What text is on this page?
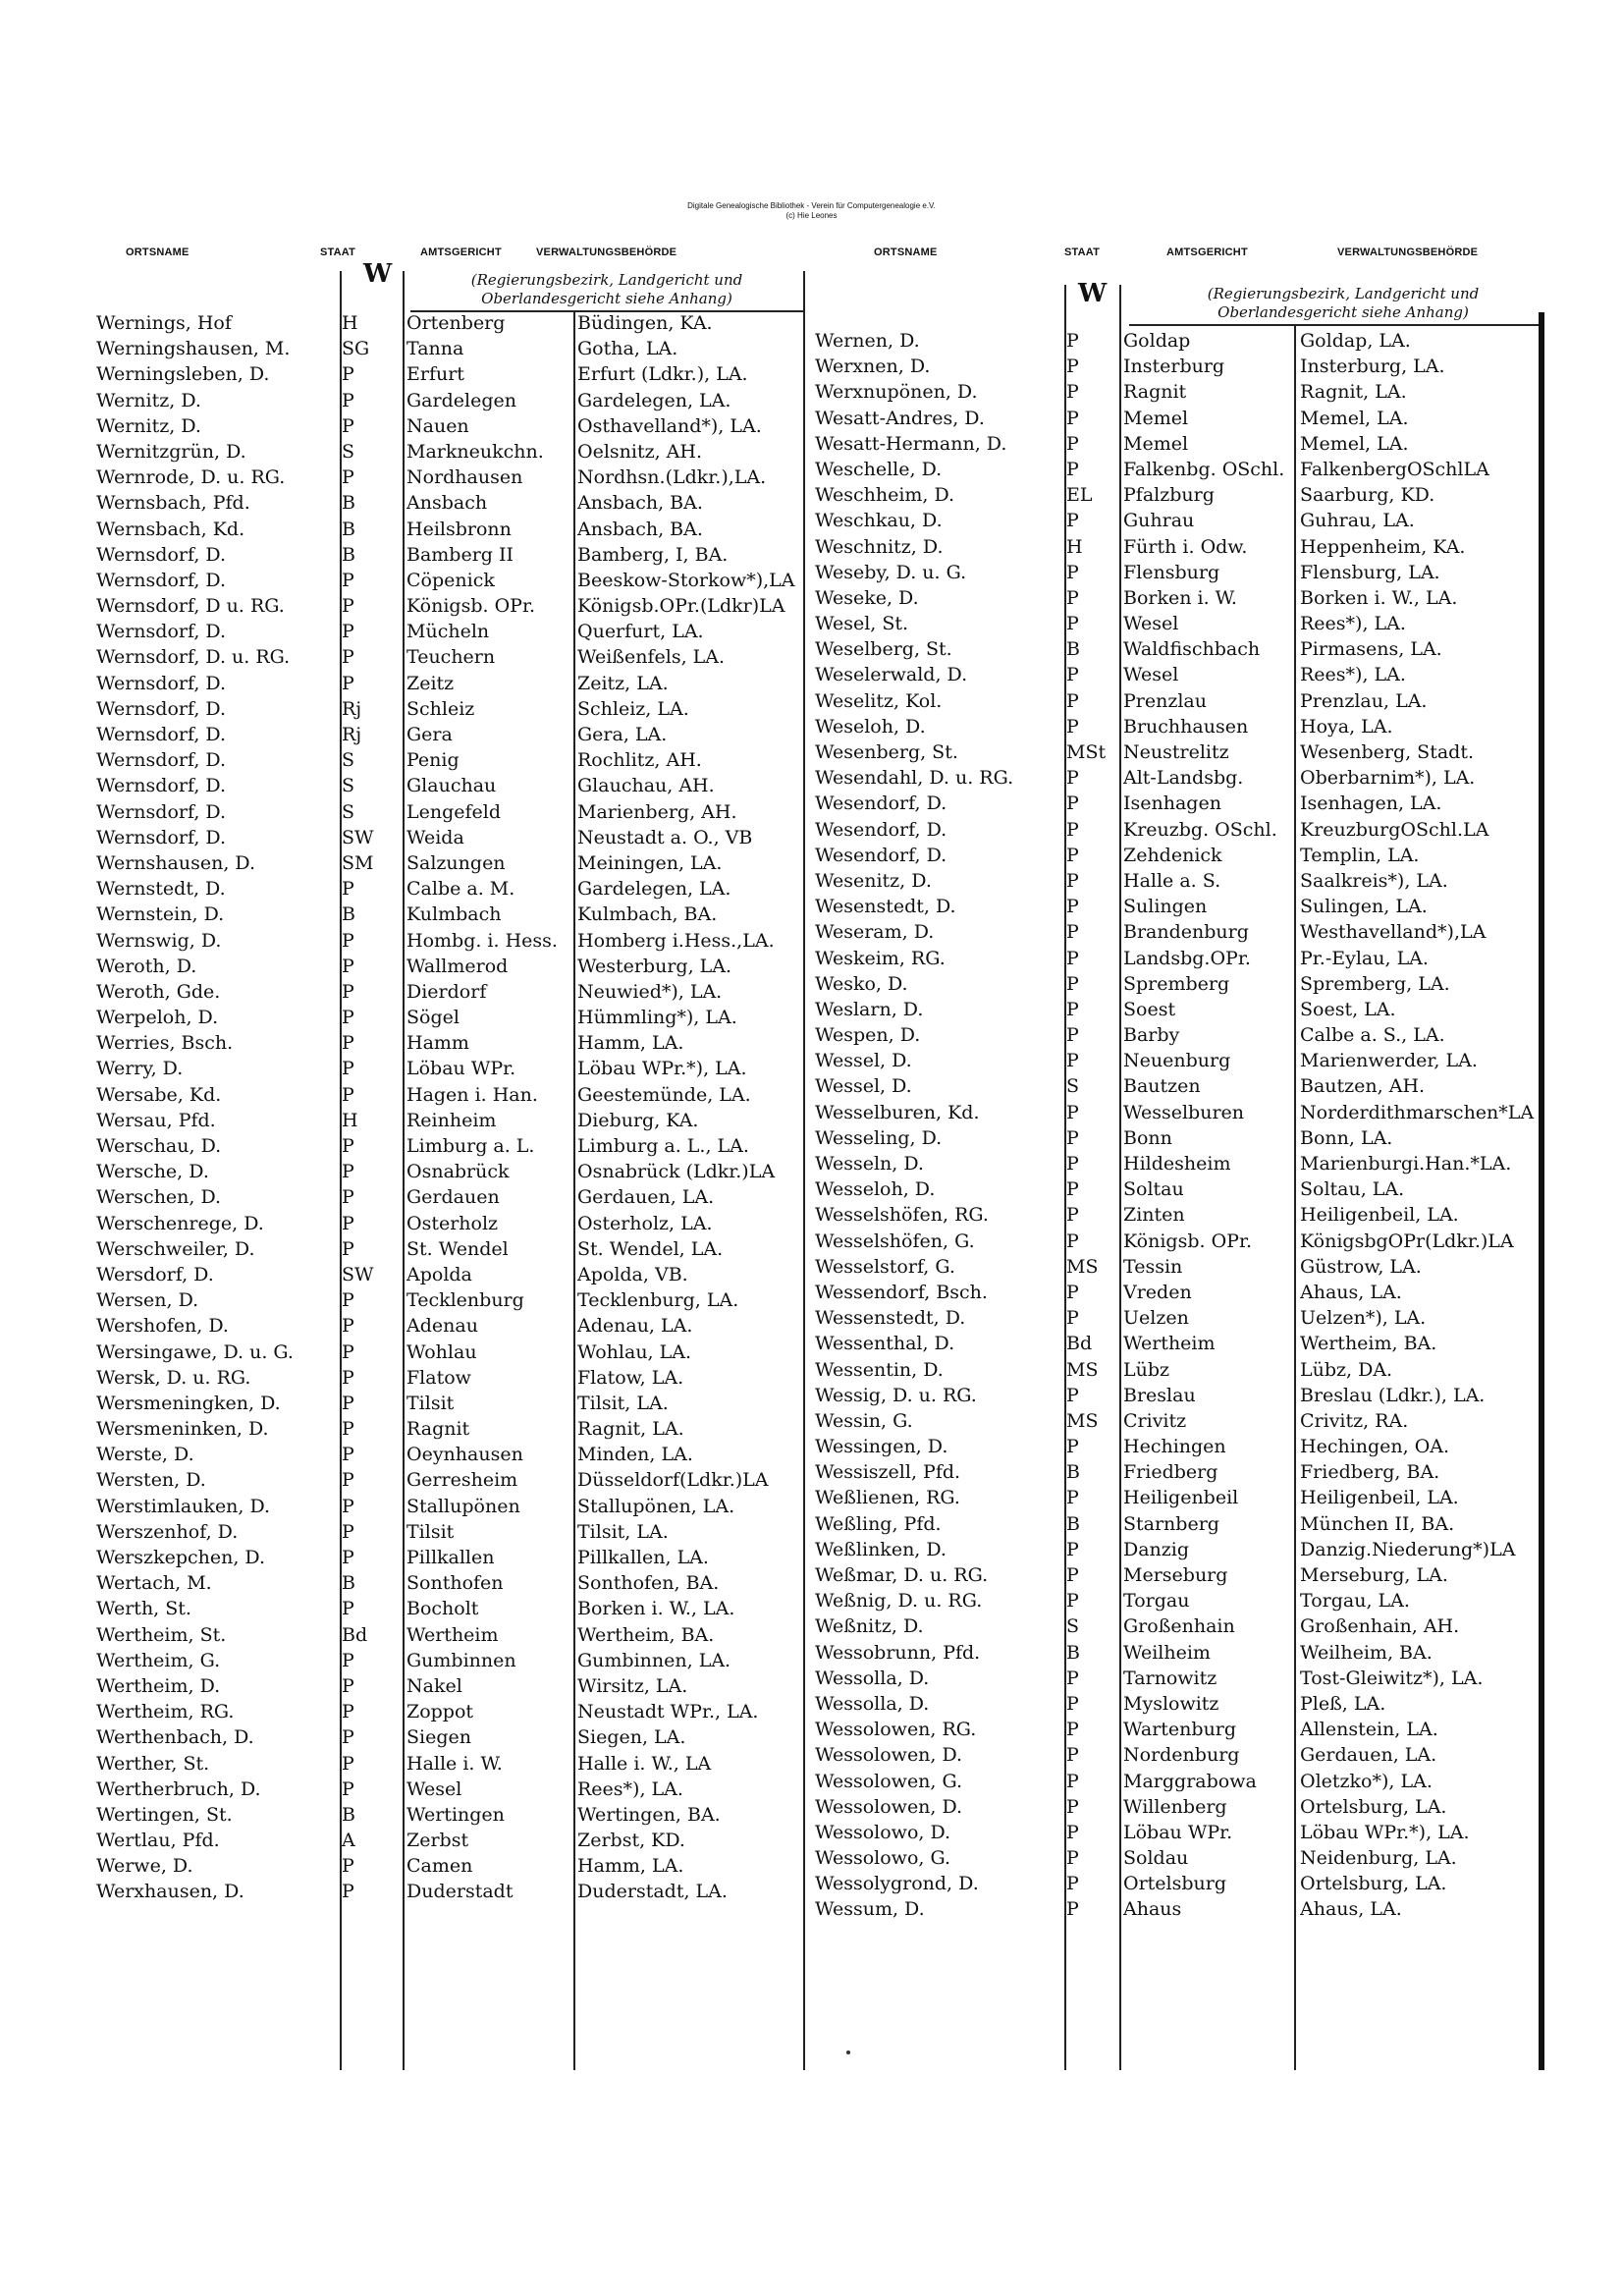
Digitale Genealogische Bibliothek - Verein für Computergenealogie e.V.
(c) Hie Leones
ORTSNAME	STAAT	AMTSGERICHT	VERWALTUNGSBEHÖRDE	ORTSNAME	STAAT	AMTSGERICHT	VERWALTUNGSBEHÖRDE
W
W
(Regierungsbezirk, Landgericht und
Oberlandesgericht siehe Anhang)	(Regierungsbezirk, Landgericht und
Oberlandesgericht siehe Anhang)
Wernings, Hof	H	Ortenberg	Büdingen, KA.
Werningshausen, M.	SG	Tanna	Gotha, LA.
Werningsleben, D.	P	Erfurt	Erfurt (Ldkr.), LA.
Wernitz, D.	P	Gardelegen	Gardelegen, LA.
Wernitz, D.	P	Nauen	Osthavelland*), LA.
Wernitzgrün, D.	S	Markneukchn.	Oelsnitz, AH.
Wernrode, D. u. RG.	P	Nordhausen	Nordhsn.(Ldkr.),LA.
Wernsbach, Pfd.	B	Ansbach	Ansbach, BA.
Wernsbach, Kd.	B	Heilsbronn	Ansbach, BA.
Wernsdorf, D.	B	Bamberg II	Bamberg, I, BA.
Wernsdorf, D.	P	Cöpenick	Beeskow-Storkow*),LA
Wernsdorf, D u. RG.	P	Königsb. OPr.	Königsb.OPr.(Ldkr)LA
Wernsdorf, D.	P	Mücheln	Querfurt, LA.
Wernsdorf, D. u. RG.	P	Teuchern	Weißenfels, LA.
Wernsdorf, D.	P	Zeitz	Zeitz, LA.
Wernsdorf, D.	Rj	Schleiz	Schleiz, LA.
Wernsdorf, D.	Rj	Gera	Gera, LA.
Wernsdorf, D.	S	Penig	Rochlitz, AH.
Wernsdorf, D.	S	Glauchau	Glauchau, AH.
Wernsdorf, D.	S	Lengefeld	Marienberg, AH.
Wernsdorf, D.	SW	Weida	Neustadt a. O., VB
Wernshausen, D.	SM	Salzungen	Meiningen, LA.
Wernstedt, D.	P	Calbe a. M.	Gardelegen, LA.
Wernstein, D.	B	Kulmbach	Kulmbach, BA.
Wernswig, D.	P	Hombg. i. Hess.	Homberg i.Hess.,LA.
Weroth, D.	P	Wallmerod	Westerburg, LA.
Weroth, Gde.	P	Dierdorf	Neuwied*), LA.
Werpeloh, D.	P	Sögel	Hümmling*), LA.
Werries, Bsch.	P	Hamm	Hamm, LA.
Werry, D.	P	Löbau WPr.	Löbau WPr.*), LA.
Wersabe, Kd.	P	Hagen i. Han.	Geestemünde, LA.
Wersau, Pfd.	H	Reinheim	Dieburg, KA.
Werschau, D.	P	Limburg a. L.	Limburg a. L., LA.
Wersche, D.	P	Osnabrück	Osnabrück (Ldkr.)LA
Werschen, D.	P	Gerdauen	Gerdauen, LA.
Werschenrege, D.	P	Osterholz	Osterholz, LA.
Werschweiler, D.	P	St. Wendel	St. Wendel, LA.
Wersdorf, D.	SW	Apolda	Apolda, VB.
Wersen, D.	P	Tecklenburg	Tecklenburg, LA.
Wershofen, D.	P	Adenau	Adenau, LA.
Wersingawe, D. u. G.	P	Wohlau	Wohlau, LA.
Wersk, D. u. RG.	P	Flatow	Flatow, LA.
Wersmeningken, D.	P	Tilsit	Tilsit, LA.
Wersmeninken, D.	P	Ragnit	Ragnit, LA.
Werste, D.	P	Oeynhausen	Minden, LA.
Wersten, D.	P	Gerresheim	Düsseldorf(Ldkr.)LA
Werstimlauken, D.	P	Stallupönen	Stallupönen, LA.
Werszenhof, D.	P	Tilsit	Tilsit, LA.
Werszkepchen, D.	P	Pillkallen	Pillkallen, LA.
Wertach, M.	B	Sonthofen	Sonthofen, BA.
Werth, St.	P	Bocholt	Borken i. W., LA.
Wertheim, St.	Bd	Wertheim	Wertheim, BA.
Wertheim, G.	P	Gumbinnen	Gumbinnen, LA.
Wertheim, D.	P	Nakel	Wirsitz, LA.
Wertheim, RG.	P	Zoppot	Neustadt WPr., LA.
Werthenbach, D.	P	Siegen	Siegen, LA.
Werther, St.	P	Halle i. W.	Halle i. W., LA
Wertherbruch, D.	P	Wesel	Rees*), LA.
Wertingen, St.	B	Wertingen	Wertingen, BA.
Wertlau, Pfd.	A	Zerbst	Zerbst, KD.
Werwe, D.	P	Camen	Hamm, LA.
Werxhausen, D.	P	Duderstadt	Duderstadt, LA.
Wernen, D.	P	Goldap	Goldap, LA.
Werxnen, D.	P	Insterburg	Insterburg, LA.
Werxnupönen, D.	P	Ragnit	Ragnit, LA.
Wesatt-Andres, D.	P	Memel	Memel, LA.
Wesatt-Hermann, D.	P	Memel	Memel, LA.
Weschelle, D.	P	Falkenbg. OSchl. FalkenbergOSchlLA
Weschheim, D.	EL	Pfalzburg	Saarburg, KD.
Weschkau, D.	P	Guhrau	Guhrau, LA.
Weschnitz, D.	H	Fürth i. Odw.	Heppenheim, KA.
Weseby, D. u. G.	P	Flensburg	Flensburg, LA.
Weseke, D.	P	Borken i. W.	Borken i. W., LA.
Wesel, St.	P	Wesel	Rees*), LA.
Weselberg, St.	B	Waldfischbach	Pirmasens, LA.
Weselerwald, D.	P	Wesel	Rees*), LA.
Weselitz, Kol.	P	Prenzlau	Prenzlau, LA.
Weseloh, D.	P	Bruchhausen	Hoya, LA.
Wesenberg, St.	MSt Neustrelitz	Wesenberg, Stadt.
Wesendahl, D. u. RG.	P	Alt-Landsbg.	Oberbarnim*), LA.
Wesendorf, D.	P	Isenhagen	Isenhagen, LA.
Wesendorf, D.	P	Kreuzbg. OSchl.	KreuzburgOSchl.LA
Wesendorf, D.	P	Zehdenick	Templin, LA.
Wesenitz, D.	P	Halle a. S.	Saalkreis*), LA.
Wesenstedt, D.	P	Sulingen	Sulingen, LA.
Weseram, D.	P	Brandenburg	Westhavelland*),LA
Weskeim, RG.	P	Landsbg.OPr.	Pr.-Eylau, LA.
Wesko, D.	P	Spremberg	Spremberg, LA.
Weslarn, D.	P	Soest	Soest, LA.
Wespen, D.	P	Barby	Calbe a. S., LA.
Wessel, D.	P	Neuenburg	Marienwerder, LA.
Wessel, D.	S	Bautzen	Bautzen, AH.
Wesselburen, Kd.	P	Wesselburen	Norderdithmarschen*LA
Wesseling, D.	P	Bonn	Bonn, LA.
Wesseln, D.	P	Hildesheim	Marienburgi.Han.*LA.
Wesseloh, D.	P	Soltau	Soltau, LA.
Wesselshöfen, RG.	P	Zinten	Heiligenbeil, LA.
Wesselshöfen, G.	P	Königsb. OPr.	KönigsbgOPr(Ldkr.)LA
Wesselstorf, G.	MS	Tessin	Güstrow, LA.
Wessendorf, Bsch.	P	Vreden	Ahaus, LA.
Wessenstedt, D.	P	Uelzen	Uelzen*), LA.
Wessenthal, D.	Bd	Wertheim	Wertheim, BA.
Wessentin, D.	MS	Lübz	Lübz, DA.
Wessig, D. u. RG.	P	Breslau	Breslau (Ldkr.), LA.
Wessin, G.	MS	Crivitz	Crivitz, RA.
Wessingen, D.	P	Hechingen	Hechingen, OA.
Wessiszell, Pfd.	B	Friedberg	Friedberg, BA.
Weßlienen, RG.	P	Heiligenbeil	Heiligenbeil, LA.
Weßling, Pfd.	B	Starnberg	München II, BA.
Weßlinken, D.	P	Danzig	Danzig.Niederung*)LA
Weßmar, D. u. RG.	P	Merseburg	Merseburg, LA.
Weßnig, D. u. RG.	P	Torgau	Torgau, LA.
Weßnitz, D.	S	Großenhain	Großenhain, AH.
Wessobrunn, Pfd.	B	Weilheim	Weilheim, BA.
Wessolla, D.	P	Tarnowitz	Tost-Gleiwitz*), LA.
Wessolla, D.	P	Myslowitz	Pleß, LA.
Wessolowen, RG.	P	Wartenburg	Allenstein, LA.
Wessolowen, D.	P	Nordenburg	Gerdauen, LA.
Wessolowen, G.	P	Marggrabowa	Oletzko*), LA.
Wessolowen, D.	P	Willenberg	Ortelsburg, LA.
Wessolowo, D.	P	Löbau WPr.	Löbau WPr.*), LA.
Wessolowo, G.	P	Soldau	Neidenburg, LA.
Wessolygrond, D.	P	Ortelsburg	Ortelsburg, LA.
Wessum, D.	P	Ahaus	Ahaus, LA.
